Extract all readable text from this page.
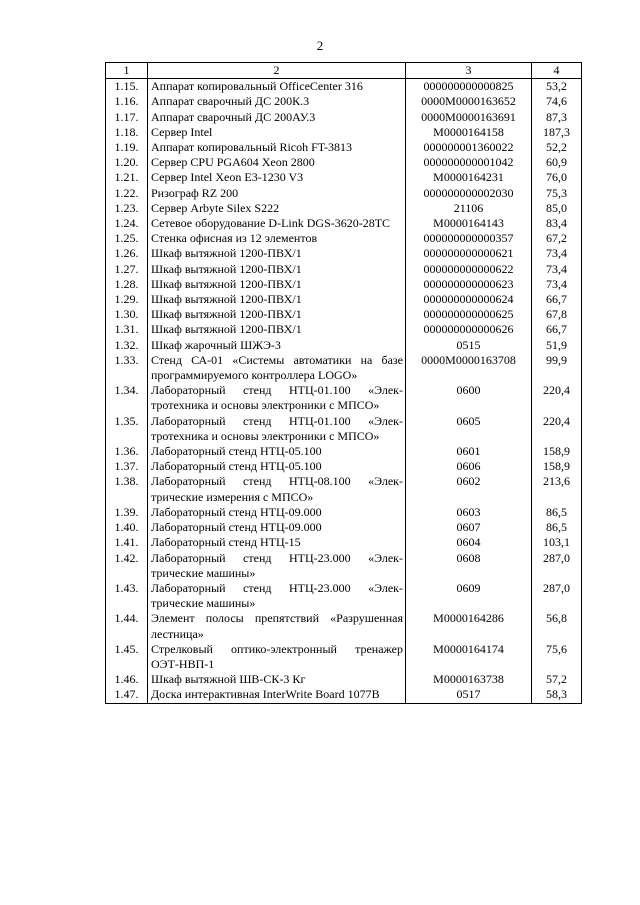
2
1	2	3	4
1.15.	Аппарат копировальный OfficeCenter 316	000000000000825	53,2
1.16.	Аппарат сварочный ДС 200К.3	0000М0000163652	74,6
1.17.	Аппарат сварочный ДС 200АУ.3	0000М0000163691	87,3
1.18.	Сервер Intel	М0000164158	187,3
1.19.	Аппарат копировальный Ricoh FT-3813	000000001360022	52,2
1.20.	Сервер CPU PGA604 Xeon 2800	000000000001042	60,9
1.21.	Сервер Intel Xeon E3-1230 V3	М0000164231	76,0
1.22.	Ризограф RZ 200	000000000002030	75,3
1.23.	Сервер Arbyte Silex S222	21106	85,0
1.24.	Сетевое оборудование D-Link DGS-3620-28TC	М0000164143	83,4
1.25.	Стенка офисная из 12 элементов	000000000000357	67,2
1.26.	Шкаф вытяжной 1200-ПВХ/1	000000000000621	73,4
1.27.	Шкаф вытяжной 1200-ПВХ/1	000000000000622	73,4
1.28.	Шкаф вытяжной 1200-ПВХ/1	000000000000623	73,4
1.29.	Шкаф вытяжной 1200-ПВХ/1	000000000000624	66,7
1.30.	Шкаф вытяжной 1200-ПВХ/1	000000000000625	67,8
1.31.	Шкаф вытяжной 1200-ПВХ/1	000000000000626	66,7
1.32.	Шкаф жарочный ШЖЭ-3	0515	51,9
1.33.	Стенд СА-01 «Системы автоматики на базе программируемого контроллера LOGO»	0000М0000163708	99,9
1.34.	Лабораторный стенд НТЦ-01.100 «Электротехника и основы электроники с МПСО»	0600	220,4
1.35.	Лабораторный стенд НТЦ-01.100 «Электротехника и основы электроники с МПСО»	0605	220,4
1.36.	Лабораторный стенд НТЦ-05.100	0601	158,9
1.37.	Лабораторный стенд НТЦ-05.100	0606	158,9
1.38.	Лабораторный стенд НТЦ-08.100 «Электрические измерения с МПСО»	0602	213,6
1.39.	Лабораторный стенд НТЦ-09.000	0603	86,5
1.40.	Лабораторный стенд НТЦ-09.000	0607	86,5
1.41.	Лабораторный стенд НТЦ-15	0604	103,1
1.42.	Лабораторный стенд НТЦ-23.000 «Электрические машины»	0608	287,0
1.43.	Лабораторный стенд НТЦ-23.000 «Электрические машины»	0609	287,0
1.44.	Элемент полосы препятствий «Разрушенная лестница»	М0000164286	56,8
1.45.	Стрелковый оптико-электронный тренажер ОЭТ-НВП-1	М0000164174	75,6
1.46.	Шкаф вытяжной ШВ-СК-3 Кг	М0000163738	57,2
1.47.	Доска интерактивная InterWrite Board 1077B	0517	58,3
